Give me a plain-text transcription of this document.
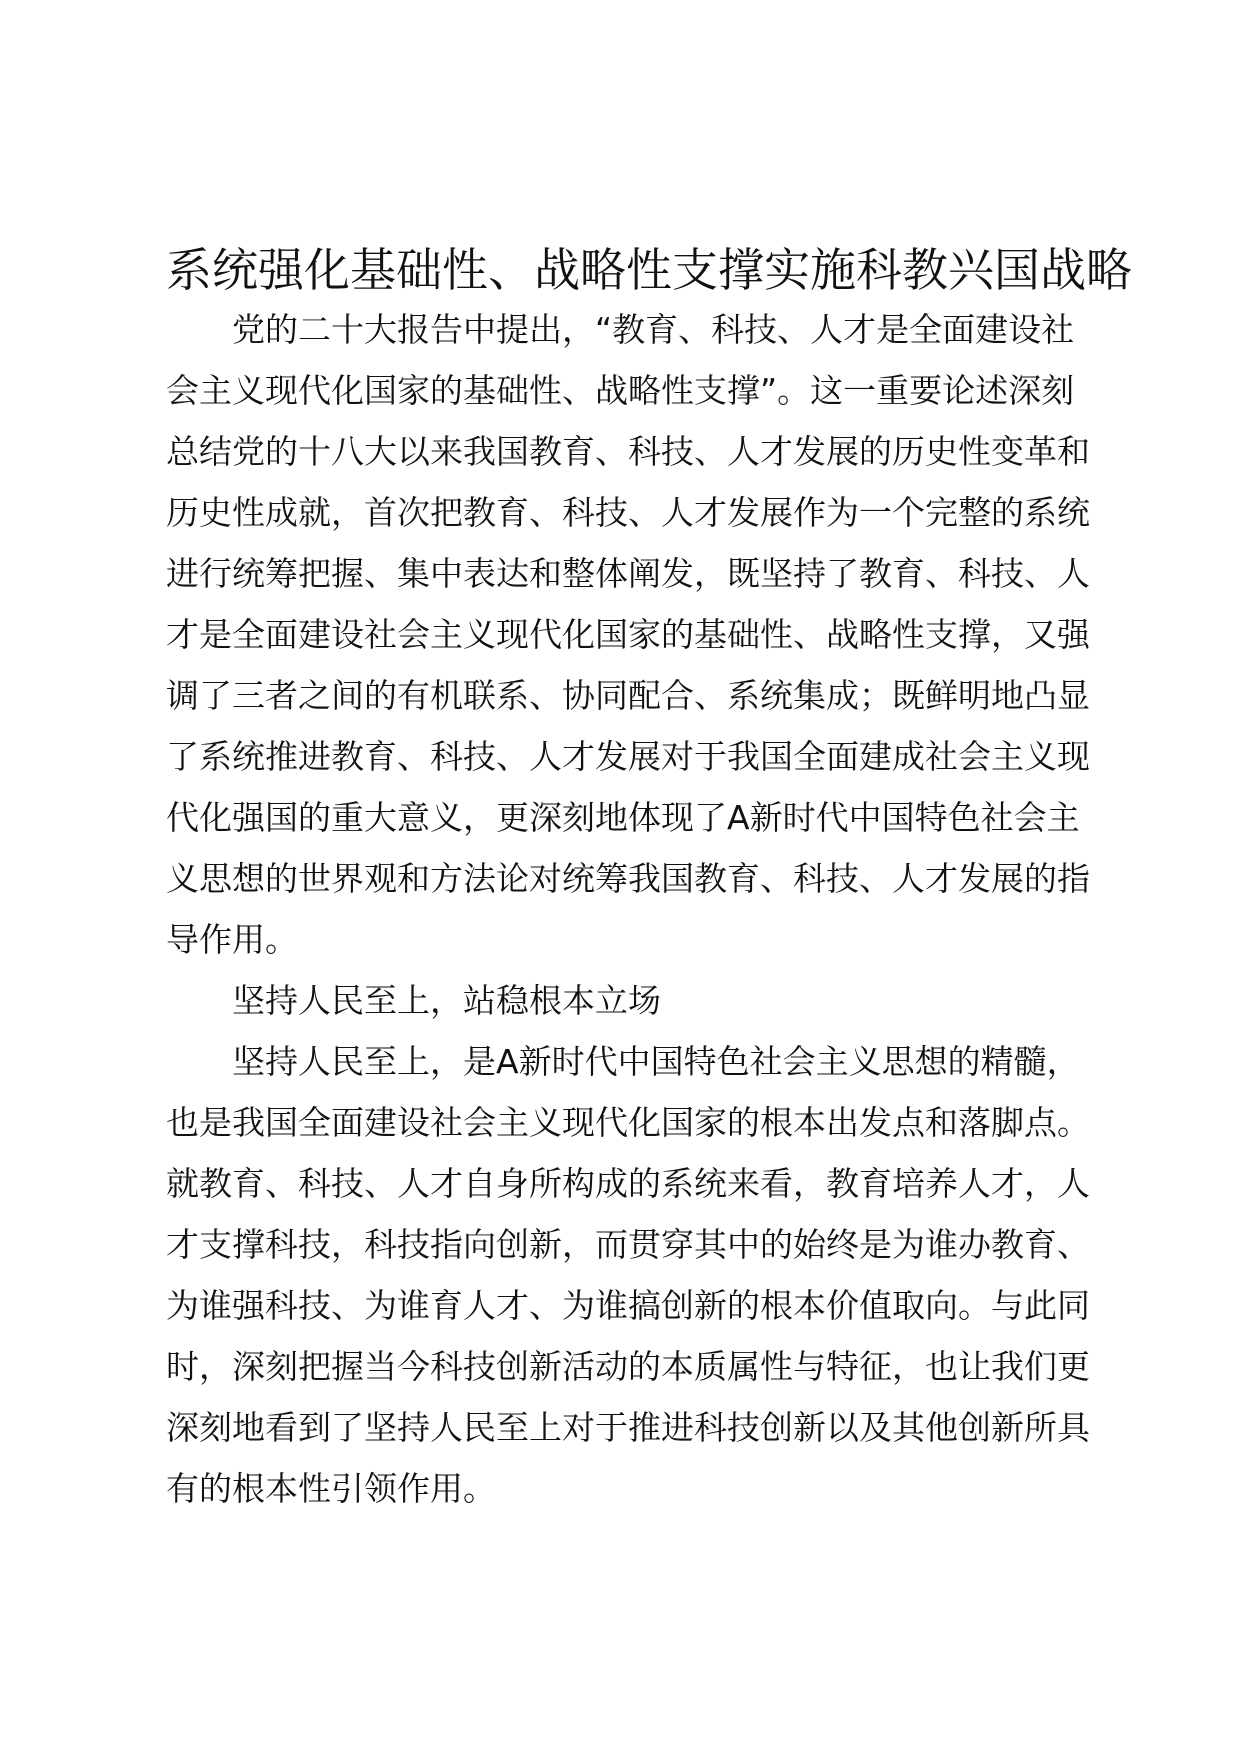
系统强化基础性、战略性支撑实施科教兴国战略
党的二十大报告中提出，“教育、科技、人才是全面建设社
会主义现代化国家的基础性、战略性支撑”。这一重要论述深刻
总结党的十八大以来我国教育、科技、人才发展的历史性变革和
历史性成就，首次把教育、科技、人才发展作为一个完整的系统
进行统筹把握、集中表达和整体阐发，既坚持了教育、科技、人
才是全面建设社会主义现代化国家的基础性、战略性支撑，又强
调了三者之间的有机联系、协同配合、系统集成；既鲜明地凸显
了系统推进教育、科技、人才发展对于我国全面建成社会主义现
代化强国的重大意义，更深刻地体现了A新时代中国特色社会主
义思想的世界观和方法论对统筹我国教育、科技、人才发展的指
导作用。
坚持人民至上，站稳根本立场
坚持人民至上，是A新时代中国特色社会主义思想的精髓，
也是我国全面建设社会主义现代化国家的根本出发点和落脚点。
就教育、科技、人才自身所构成的系统来看，教育培养人才，人
才支撑科技，科技指向创新，而贯穿其中的始终是为谁办教育、
为谁强科技、为谁育人才、为谁搞创新的根本价值取向。与此同
时，深刻把握当今科技创新活动的本质属性与特征，也让我们更
深刻地看到了坚持人民至上对于推进科技创新以及其他创新所具
有的根本性引领作用。
